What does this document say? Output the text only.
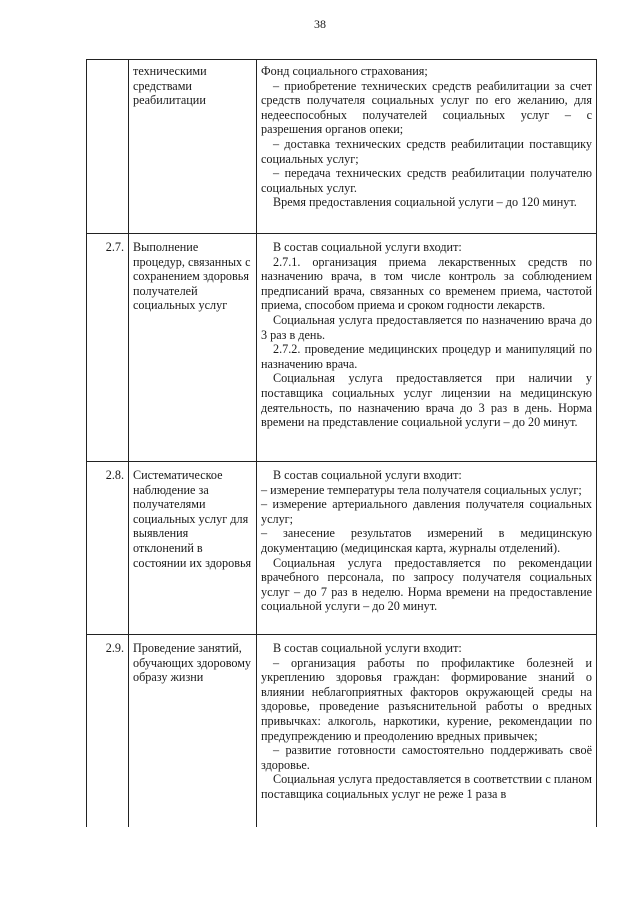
38
	техническими средствами реабилитации	Фонд социального страхования;

– приобретение технических средств реабилитации за счет средств получателя социальных услуг по его желанию, для недееспособных получателей социальных услуг – с разрешения органов опеки;

– доставка технических средств реабилитации поставщику социальных услуг;

– передача технических средств реабилитации получателю социальных услуг.

Время предоставления социальной услуги – до 120 минут.

2.7.	Выполнение процедур, связанных с сохранением здоровья получателей социальных услуг	В состав социальной услуги входит:

2.7.1. организация приема лекарственных средств по назначению врача, в том числе контроль за соблюдением предписаний врача, связанных со временем приема, частотой приема, способом приема и сроком годности лекарств.

Социальная услуга предоставляется по назначению врача до 3 раз в день.

2.7.2. проведение медицинских процедур и манипуляций по назначению врача.

Социальная услуга предоставляется при наличии у поставщика социальных услуг лицензии на медицинскую деятельность, по назначению врача до 3 раз в день. Норма времени на представление социальной услуги – до 20 минут.

2.8.	Систематическое наблюдение за получателями социальных услуг для выявления отклонений в состоянии их здоровья	В состав социальной услуги входит:

– измерение температуры тела получателя социальных услуг;

– измерение артериального давления получателя социальных услуг;

– занесение результатов измерений в медицинскую документацию (медицинская карта, журналы отделений).

Социальная услуга предоставляется по рекомендации врачебного персонала, по запросу получателя социальных услуг – до 7 раз в неделю. Норма времени на предоставление социальной услуги – до 20 минут.

2.9.	Проведение занятий, обучающих здоровому образу жизни	В состав социальной услуги входит:

– организация работы по профилактике болезней и укреплению здоровья граждан: формирование знаний о влиянии неблагоприятных факторов окружающей среды на здоровье, проведение разъяснительной работы о вредных привычках: алкоголь, наркотики, курение, рекомендации по предупреждению и преодолению вредных привычек;

– развитие готовности самостоятельно поддерживать своё здоровье.

Социальная услуга предоставляется в соответствии с планом поставщика социальных услуг не реже 1 раза в
